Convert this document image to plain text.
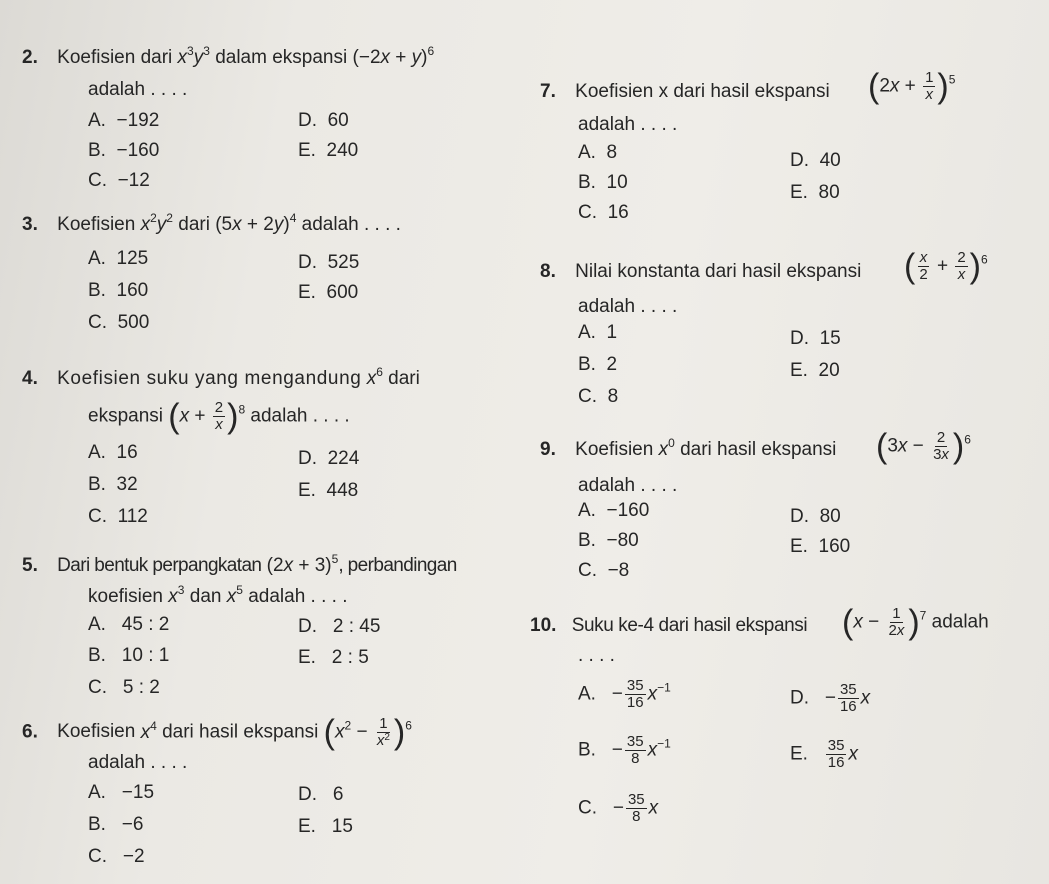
2. Koefisien dari $x^3y^3$ dalam ekspansi $(-2x + y)^6$
adalah . . . .
A. −192
B. −160
C. −12
D. 60
E. 240
3. Koefisien $x^2y^2$ dari $(5x + 2y)^4$ adalah . . . .
A. 125
B. 160
C. 500
D. 525
E. 600
4. Koefisien suku yang mengandung $x^6$ dari
ekspansi $(x + \frac{2}{x} )^8$ adalah . . . .
A. 16
B. 32
C. 112
D. 224
E. 448
5. Dari bentuk perpangkatan $(2x + 3)^5$, perbandingan
koefisien $x^3$ dan $x^5$ adalah . . . .
A. 45 : 2
B. 10 : 1
C. 5 : 2
D. 2 : 45
E. 2 : 5
6. Koefisien $x^4$ dari hasil ekspansi $(x^2 - \frac{1}{x^2} )^6$
adalah . . . .
A. −15
B. −6
C. −2
D. 6
E. 15
7. Koefisien x dari hasil ekspansi $(2x + \frac{1}{x} )^5$
adalah . . . .
A. 8
B. 10
C. 16
D. 40
E. 80
8. Nilai konstanta dari hasil ekspansi ( $\frac{x}{2} + \frac{2}{x} )^6$
adalah . . . .
A. 1
B. 2
C. 8
D. 15
E. 20
9. Koefisien $x^0$ dari hasil ekspansi $(3x - \frac{2}{3x} )^6$
adalah . . . .
A. −160
B. −80
C. −8
D. 80
E. 160
10. Suku ke-4 dari hasil ekspansi $(x - \frac{1}{2x} )^7$ adalah
. . . .
A. − $\frac{35}{16} x^{-1}$
B. − $\frac{35}{8} x^{-1}$
C. − $\frac{35}{8}$ x
D. − $\frac{35}{16}$ x
E. $\frac{35}{16}$ x
